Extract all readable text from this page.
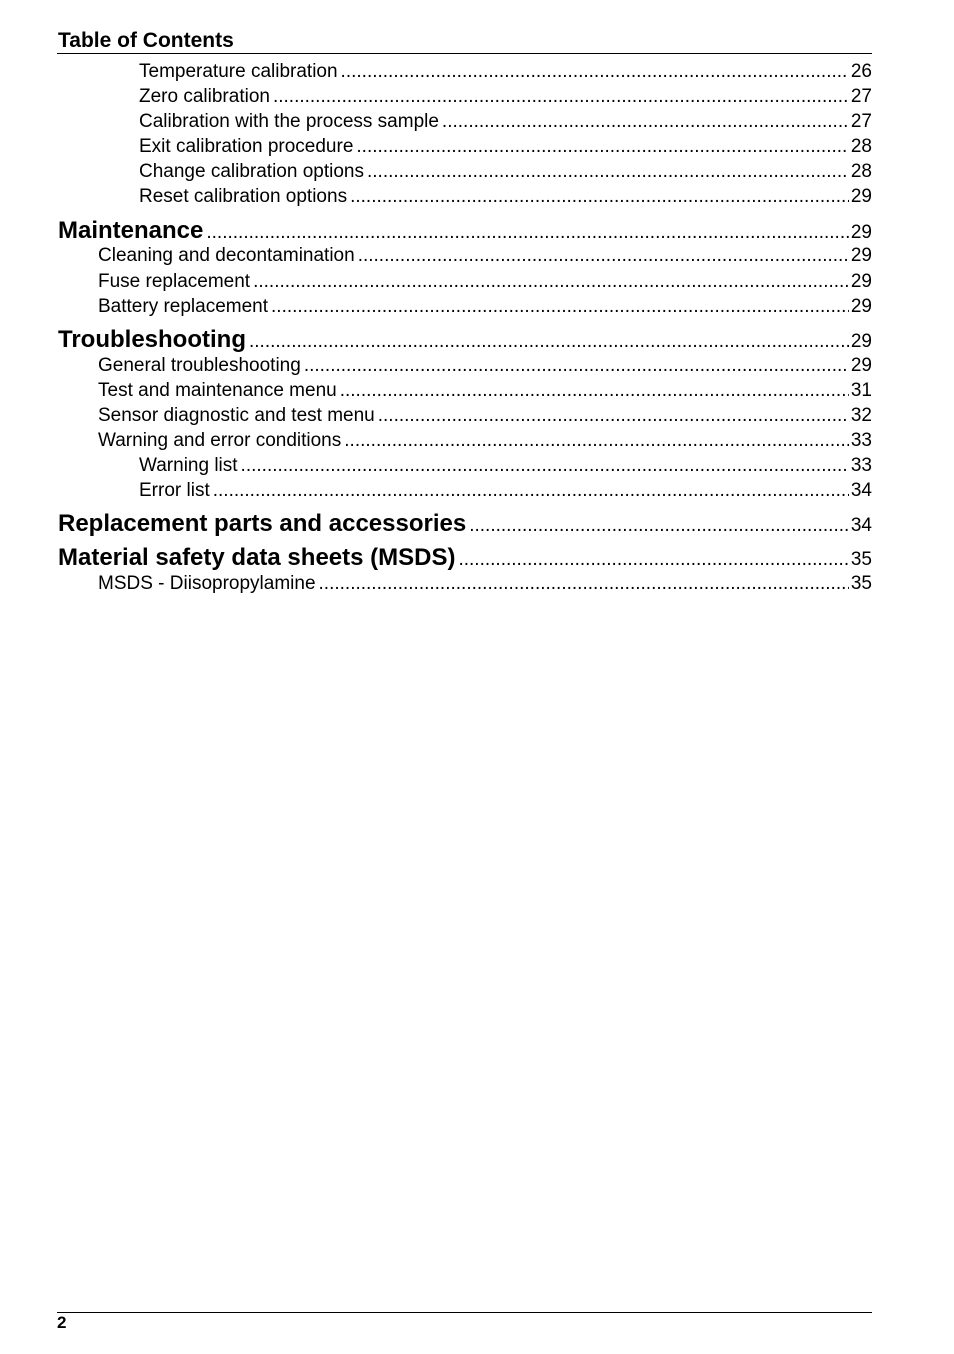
Table of Contents
Temperature calibration .....	26
Zero calibration .....	27
Calibration with the process sample .....	27
Exit calibration procedure .....	28
Change calibration options .....	28
Reset calibration options .....	29
Maintenance .....	29
Cleaning and decontamination .....	29
Fuse replacement .....	29
Battery replacement .....	29
Troubleshooting .....	29
General troubleshooting .....	29
Test and maintenance menu .....	31
Sensor diagnostic and test menu .....	32
Warning and error conditions .....	33
Warning list .....	33
Error list .....	34
Replacement parts and accessories .....	34
Material safety data sheets (MSDS) .....	35
MSDS - Diisopropylamine .....	35
2
